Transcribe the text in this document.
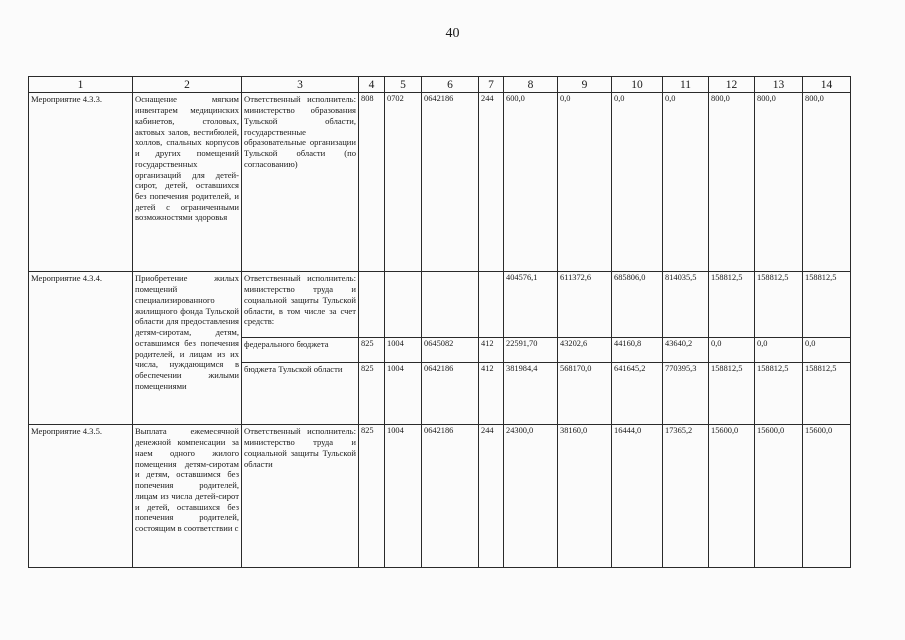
40
1	2	3	4	5	6	7	8	9	10	11	12	13	14
Мероприятие 4.3.3.	Оснащение мягким инвентарем медицинских кабинетов, столовых, актовых залов, вестибюлей, холлов, спальных корпусов и других помещений государственных организаций для детей-сирот, детей, оставшихся без попечения родителей, и детей с ограниченными возможностями здоровья	Ответственный исполнитель: министерство образования Тульской области, государственные образовательные организации Тульской области (по согласованию)	808	0702	0642186	244	600,0	0,0	0,0	0,0	800,0	800,0	800,0
Мероприятие 4.3.4.	Приобретение жилых помещений специализированного жилищного фонда Тульской области для предоставления детям-сиротам, детям, оставшимся без попечения родителей, и лицам из их числа, нуждающимся в обеспечении жилыми помещениями	Ответственный исполнитель: министерство труда и социальной защиты Тульской области, в том числе за счет средств:					404576,1	611372,6	685806,0	814035,5	158812,5	158812,5	158812,5
		федерального бюджета	825	1004	0645082	412	22591,70	43202,6	44160,8	43640,2	0,0	0,0	0,0
		бюджета Тульской области	825	1004	0642186	412	381984,4	568170,0	641645,2	770395,3	158812,5	158812,5	158812,5
Мероприятие 4.3.5.	Выплата ежемесячной денежной компенсации за наем одного жилого помещения детям-сиротам и детям, оставшимся без попечения родителей, лицам из числа детей-сирот и детей, оставшихся без попечения родителей, состоящим в соответствии с	Ответственный исполнитель: министерство труда и социальной защиты Тульской области	825	1004	0642186	244	24300,0	38160,0	16444,0	17365,2	15600,0	15600,0	15600,0
